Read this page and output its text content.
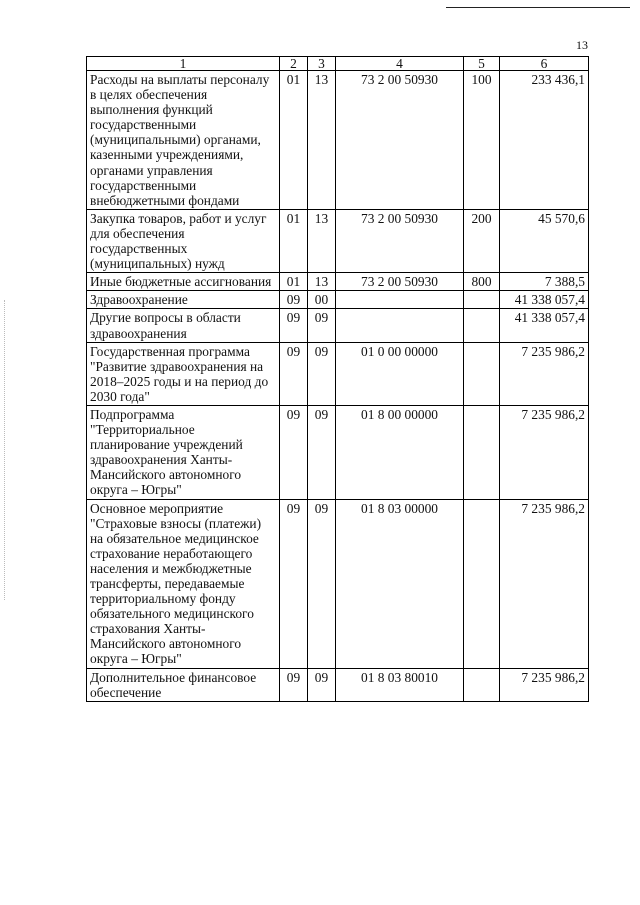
13
1	2	3	4	5	6
Расходы на выплаты персоналу в целях обеспечения выполнения функций государственными (муниципальными) органами, казенными учреждениями, органами управления государственными внебюджетными фондами	01	13	73 2 00 50930	100	233 436,1
Закупка товаров, работ и услуг для обеспечения государственных (муниципальных) нужд	01	13	73 2 00 50930	200	45 570,6
Иные бюджетные ассигнования	01	13	73 2 00 50930	800	7 388,5
Здравоохранение	09	00			41 338 057,4
Другие вопросы в области здравоохранения	09	09			41 338 057,4
Государственная программа "Развитие здравоохранения на 2018–2025 годы и на период до 2030 года"	09	09	01 0 00 00000		7 235 986,2
Подпрограмма "Территориальное планирование учреждений здравоохранения Ханты-Мансийского автономного округа – Югры"	09	09	01 8 00 00000		7 235 986,2
Основное мероприятие "Страховые взносы (платежи) на обязательное медицинское страхование неработающего населения и межбюджетные трансферты, передаваемые территориальному фонду обязательного медицинского страхования Ханты-Мансийского автономного округа – Югры"	09	09	01 8 03 00000		7 235 986,2
Дополнительное финансовое обеспечение	09	09	01 8 03 80010		7 235 986,2
